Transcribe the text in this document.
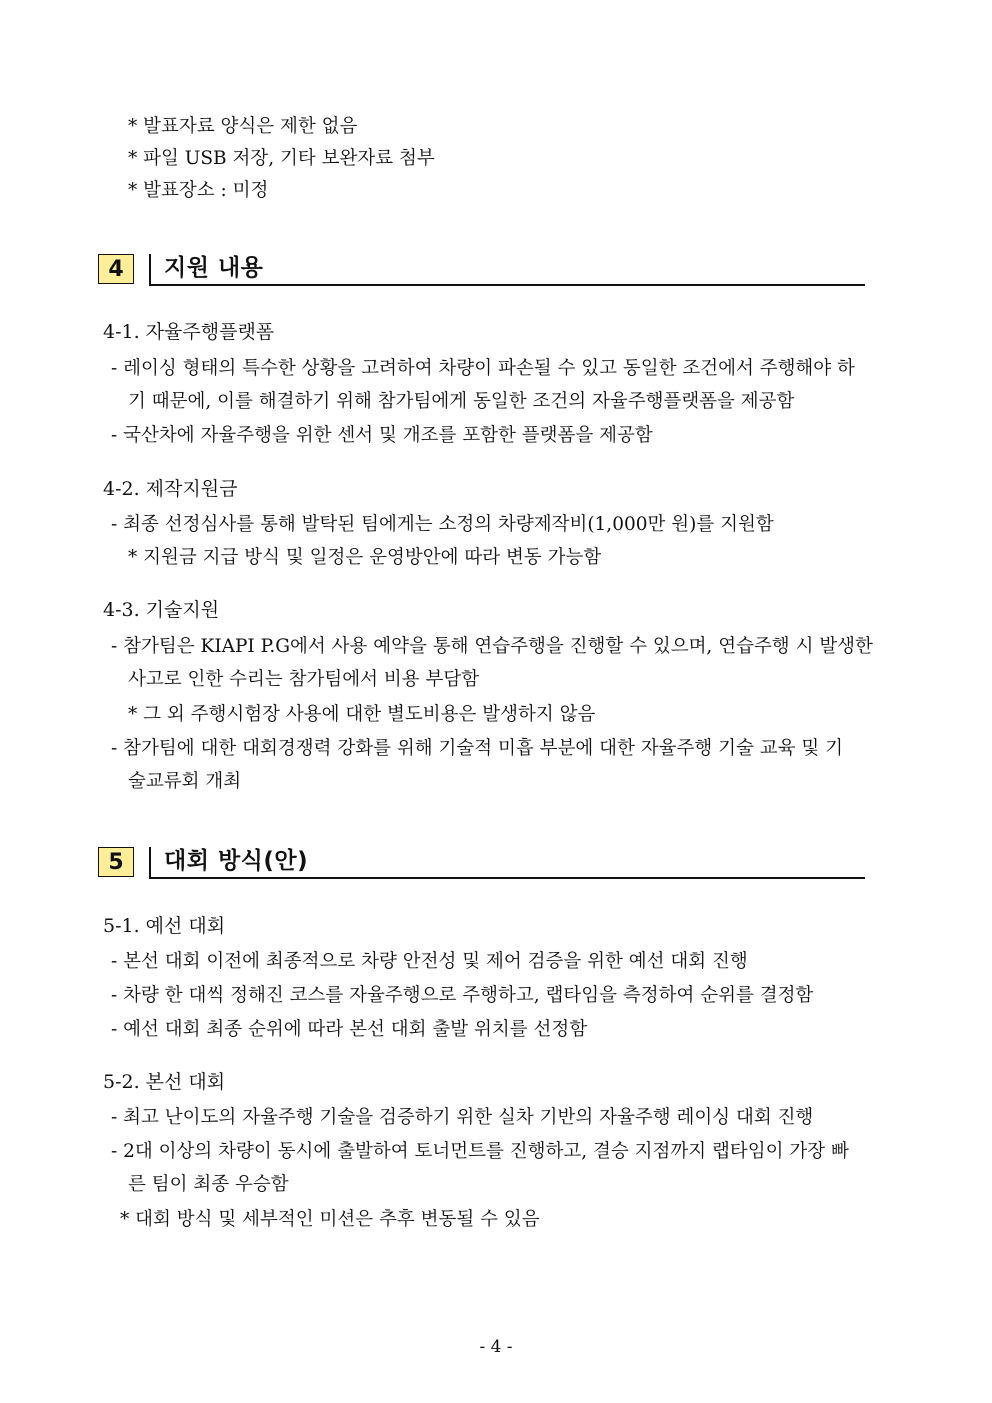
* 발표자료 양식은 제한 없음
* 파일 USB 저장, 기타 보완자료 첨부
* 발표장소 : 미정
4	지원 내용
4-1. 자율주행플랫폼
- 레이싱 형태의 특수한 상황을 고려하여 차량이 파손될 수 있고 동일한 조건에서 주행해야 하
기 때문에, 이를 해결하기 위해 참가팀에게 동일한 조건의 자율주행플랫폼을 제공함
- 국산차에 자율주행을 위한 센서 및 개조를 포함한 플랫폼을 제공함
4-2. 제작지원금
- 최종 선정심사를 통해 발탁된 팀에게는 소정의 차량제작비(1,000만 원)를 지원함
* 지원금 지급 방식 및 일정은 운영방안에 따라 변동 가능함
4-3. 기술지원
- 참가팀은 KIAPI P.G에서 사용 예약을 통해 연습주행을 진행할 수 있으며, 연습주행 시 발생한
사고로 인한 수리는 참가팀에서 비용 부담함
* 그 외 주행시험장 사용에 대한 별도비용은 발생하지 않음
- 참가팀에 대한 대회경쟁력 강화를 위해 기술적 미흡 부분에 대한 자율주행 기술 교육 및 기
술교류회 개최
5	대회 방식(안)
5-1. 예선 대회
- 본선 대회 이전에 최종적으로 차량 안전성 및 제어 검증을 위한 예선 대회 진행
- 차량 한 대씩 정해진 코스를 자율주행으로 주행하고, 랩타임을 측정하여 순위를 결정함
- 예선 대회 최종 순위에 따라 본선 대회 출발 위치를 선정함
5-2. 본선 대회
- 최고 난이도의 자율주행 기술을 검증하기 위한 실차 기반의 자율주행 레이싱 대회 진행
- 2대 이상의 차량이 동시에 출발하여 토너먼트를 진행하고, 결승 지점까지 랩타임이 가장 빠
른 팀이 최종 우승함
* 대회 방식 및 세부적인 미션은 추후 변동될 수 있음
- 4 -
